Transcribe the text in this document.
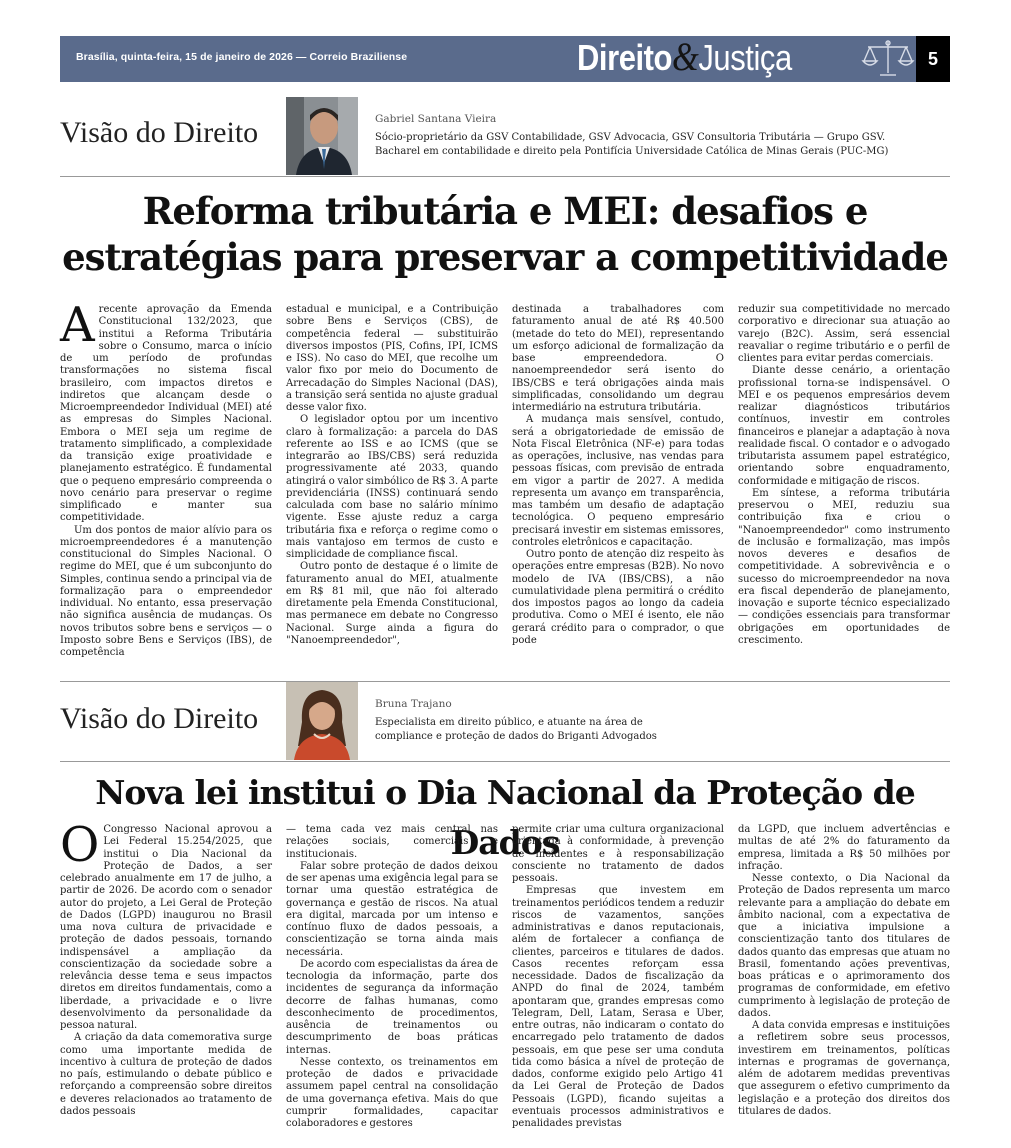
Brasília, quinta-feira, 15 de janeiro de 2026 — Correio Braziliense	Direito&Justiça	5
Visão do Direito	Gabriel Santana Vieira
Sócio-proprietário da GSV Contabilidade, GSV Advocacia, GSV Consultoria Tributária — Grupo GSV.
Bacharel em contabilidade e direito pela Pontifícia Universidade Católica de Minas Gerais (PUC-MG)
Reforma tributária e MEI: desafios e
estratégias para preservar a competitividade

A recente aprovação da Emenda Constitucional 132/2023, que institui a Reforma Tributária sobre o Consumo, marca o início de um período de profundas transformações no sistema fiscal brasileiro, com impactos diretos e indiretos que alcançam desde o Microempreendedor Individual (MEI) até as empresas do Simples Nacional. Embora o MEI seja um regime de tratamento simplificado, a complexidade da transição exige proatividade e planejamento estratégico. É fundamental que o pequeno empresário compreenda o novo cenário para preservar o regime simplificado e manter sua competitividade.

Um dos pontos de maior alívio para os microempreendedores é a manutenção constitucional do Simples Nacional. O regime do MEI, que é um subconjunto do Simples, continua sendo a principal via de formalização para o empreendedor individual. No entanto, essa preservação não significa ausência de mudanças. Os novos tributos sobre bens e serviços — o Imposto sobre Bens e Serviços (IBS), de competência

estadual e municipal, e a Contribuição sobre Bens e Serviços (CBS), de competência federal — substituirão diversos impostos (PIS, Cofins, IPI, ICMS e ISS). No caso do MEI, que recolhe um valor fixo por meio do Documento de Arrecadação do Simples Nacional (DAS), a transição será sentida no ajuste gradual desse valor fixo.

O legislador optou por um incentivo claro à formalização: a parcela do DAS referente ao ISS e ao ICMS (que se integrarão ao IBS/CBS) será reduzida progressivamente até 2033, quando atingirá o valor simbólico de R$ 3. A parte previdenciária (INSS) continuará sendo calculada com base no salário mínimo vigente. Esse ajuste reduz a carga tributária fixa e reforça o regime como o mais vantajoso em termos de custo e simplicidade de compliance fiscal.

Outro ponto de destaque é o limite de faturamento anual do MEI, atualmente em R$ 81 mil, que não foi alterado diretamente pela Emenda Constitucional, mas permanece em debate no Congresso Nacional. Surge ainda a figura do "Nanoempreendedor",

destinada a trabalhadores com faturamento anual de até R$ 40.500 (metade do teto do MEI), representando um esforço adicional de formalização da base empreendedora. O nanoempreendedor será isento do IBS/CBS e terá obrigações ainda mais simplificadas, consolidando um degrau intermediário na estrutura tributária.

A mudança mais sensível, contudo, será a obrigatoriedade de emissão de Nota Fiscal Eletrônica (NF-e) para todas as operações, inclusive, nas vendas para pessoas físicas, com previsão de entrada em vigor a partir de 2027. A medida representa um avanço em transparência, mas também um desafio de adaptação tecnológica. O pequeno empresário precisará investir em sistemas emissores, controles eletrônicos e capacitação.

Outro ponto de atenção diz respeito às operações entre empresas (B2B). No novo modelo de IVA (IBS/CBS), a não cumulatividade plena permitirá o crédito dos impostos pagos ao longo da cadeia produtiva. Como o MEI é isento, ele não gerará crédito para o comprador, o que pode

reduzir sua competitividade no mercado corporativo e direcionar sua atuação ao varejo (B2C). Assim, será essencial reavaliar o regime tributário e o perfil de clientes para evitar perdas comerciais.

Diante desse cenário, a orientação profissional torna-se indispensável. O MEI e os pequenos empresários devem realizar diagnósticos tributários contínuos, investir em controles financeiros e planejar a adaptação à nova realidade fiscal. O contador e o advogado tributarista assumem papel estratégico, orientando sobre enquadramento, conformidade e mitigação de riscos.

Em síntese, a reforma tributária preservou o MEI, reduziu sua contribuição fixa e criou o "Nanoempreendedor" como instrumento de inclusão e formalização, mas impôs novos deveres e desafios de competitividade. A sobrevivência e o sucesso do microempreendedor na nova era fiscal dependerão de planejamento, inovação e suporte técnico especializado — condições essenciais para transformar obrigações em oportunidades de crescimento.

Visão do Direito	Bruna Trajano
Especialista em direito público, e atuante na área de
compliance e proteção de dados do Briganti Advogados
Nova lei institui o Dia Nacional da Proteção de Dados

O Congresso Nacional aprovou a Lei Federal 15.254/2025, que institui o Dia Nacional da Proteção de Dados, a ser celebrado anualmente em 17 de julho, a partir de 2026. De acordo com o senador autor do projeto, a Lei Geral de Proteção de Dados (LGPD) inaugurou no Brasil uma nova cultura de privacidade e proteção de dados pessoais, tornando indispensável a ampliação da conscientização da sociedade sobre a relevância desse tema e seus impactos diretos em direitos fundamentais, como a liberdade, a privacidade e o livre desenvolvimento da personalidade da pessoa natural.

A criação da data comemorativa surge como uma importante medida de incentivo à cultura de proteção de dados no país, estimulando o debate público e reforçando a compreensão sobre direitos e deveres relacionados ao tratamento de dados pessoais

— tema cada vez mais central nas relações sociais, comerciais e institucionais.

Falar sobre proteção de dados deixou de ser apenas uma exigência legal para se tornar uma questão estratégica de governança e gestão de riscos. Na atual era digital, marcada por um intenso e contínuo fluxo de dados pessoais, a conscientização se torna ainda mais necessária.

De acordo com especialistas da área de tecnologia da informação, parte dos incidentes de segurança da informação decorre de falhas humanas, como desconhecimento de procedimentos, ausência de treinamentos ou descumprimento de boas práticas internas.

Nesse contexto, os treinamentos em proteção de dados e privacidade assumem papel central na consolidação de uma governança efetiva. Mais do que cumprir formalidades, capacitar colaboradores e gestores

permite criar uma cultura organizacional orientada à conformidade, à prevenção de incidentes e à responsabilização consciente no tratamento de dados pessoais.

Empresas que investem em treinamentos periódicos tendem a reduzir riscos de vazamentos, sanções administrativas e danos reputacionais, além de fortalecer a confiança de clientes, parceiros e titulares de dados. Casos recentes reforçam essa necessidade. Dados de fiscalização da ANPD do final de 2024, também apontaram que, grandes empresas como Telegram, Dell, Latam, Serasa e Uber, entre outras, não indicaram o contato do encarregado pelo tratamento de dados pessoais, em que pese ser uma conduta tida como básica a nível de proteção de dados, conforme exigido pelo Artigo 41 da Lei Geral de Proteção de Dados Pessoais (LGPD), ficando sujeitas a eventuais processos administrativos e penalidades previstas

da LGPD, que incluem advertências e multas de até 2% do faturamento da empresa, limitada a R$ 50 milhões por infração.

Nesse contexto, o Dia Nacional da Proteção de Dados representa um marco relevante para a ampliação do debate em âmbito nacional, com a expectativa de que a iniciativa impulsione a conscientização tanto dos titulares de dados quanto das empresas que atuam no Brasil, fomentando ações preventivas, boas práticas e o aprimoramento dos programas de conformidade, em efetivo cumprimento à legislação de proteção de dados.

A data convida empresas e instituições a refletirem sobre seus processos, investirem em treinamentos, políticas internas e programas de governança, além de adotarem medidas preventivas que assegurem o efetivo cumprimento da legislação e a proteção dos direitos dos titulares de dados.
